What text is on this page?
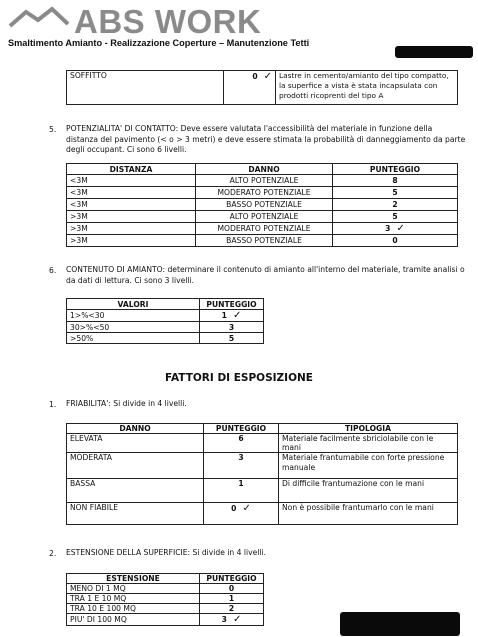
ABS WORK
Smaltimento Amianto - Realizzazione Coperture – Manutenzione Tetti
SOFFITTO	0 ✓	Lastre in cemento/amianto del tipo compatto, la superfice a vista è stata incapsulata con prodotti ricoprenti del tipo A
5. POTENZIALITA' DI CONTATTO: Deve essere valutata l'accessibilità del materiale in funzione della distanza del pavimento (< o > 3 metri) e deve essere stimata la probabilità di danneggiamento da parte degli occupant. Ci sono 6 livelli.
DISTANZA	DANNO	PUNTEGGIO
<3M	ALTO POTENZIALE	8
<3M	MODERATO POTENZIALE	5
<3M	BASSO POTENZIALE	2
>3M	ALTO POTENZIALE	5
>3M	MODERATO POTENZIALE	3 ✓
>3M	BASSO POTENZIALE	0
6. CONTENUTO DI AMIANTO: determinare il contenuto di amianto all'interno del materiale, tramite analisi o da dati di lettura. Ci sono 3 livelli.
VALORI	PUNTEGGIO
1>%<30	1 ✓
30>%<50	3
>50%	5
FATTORI DI ESPOSIZIONE
1. FRIABILITA': Si divide in 4 livelli.
DANNO	PUNTEGGIO	TIPOLOGIA
ELEVATA	6	Materiale facilmente sbriciolabile con le mani
MODERATA	3	Materiale frantumabile con forte pressione manuale
BASSA	1	Di difficile frantumazione con le mani
NON FIABILE	0 ✓	Non è possibile frantumarlo con le mani
2. ESTENSIONE DELLA SUPERFICIE: Si divide in 4 livelli.
ESTENSIONE	PUNTEGGIO
MENO DI 1 MQ	0
TRA 1 E 10 MQ	1
TRA 10 E 100 MQ	2
PIU' DI 100 MQ	3 ✓
